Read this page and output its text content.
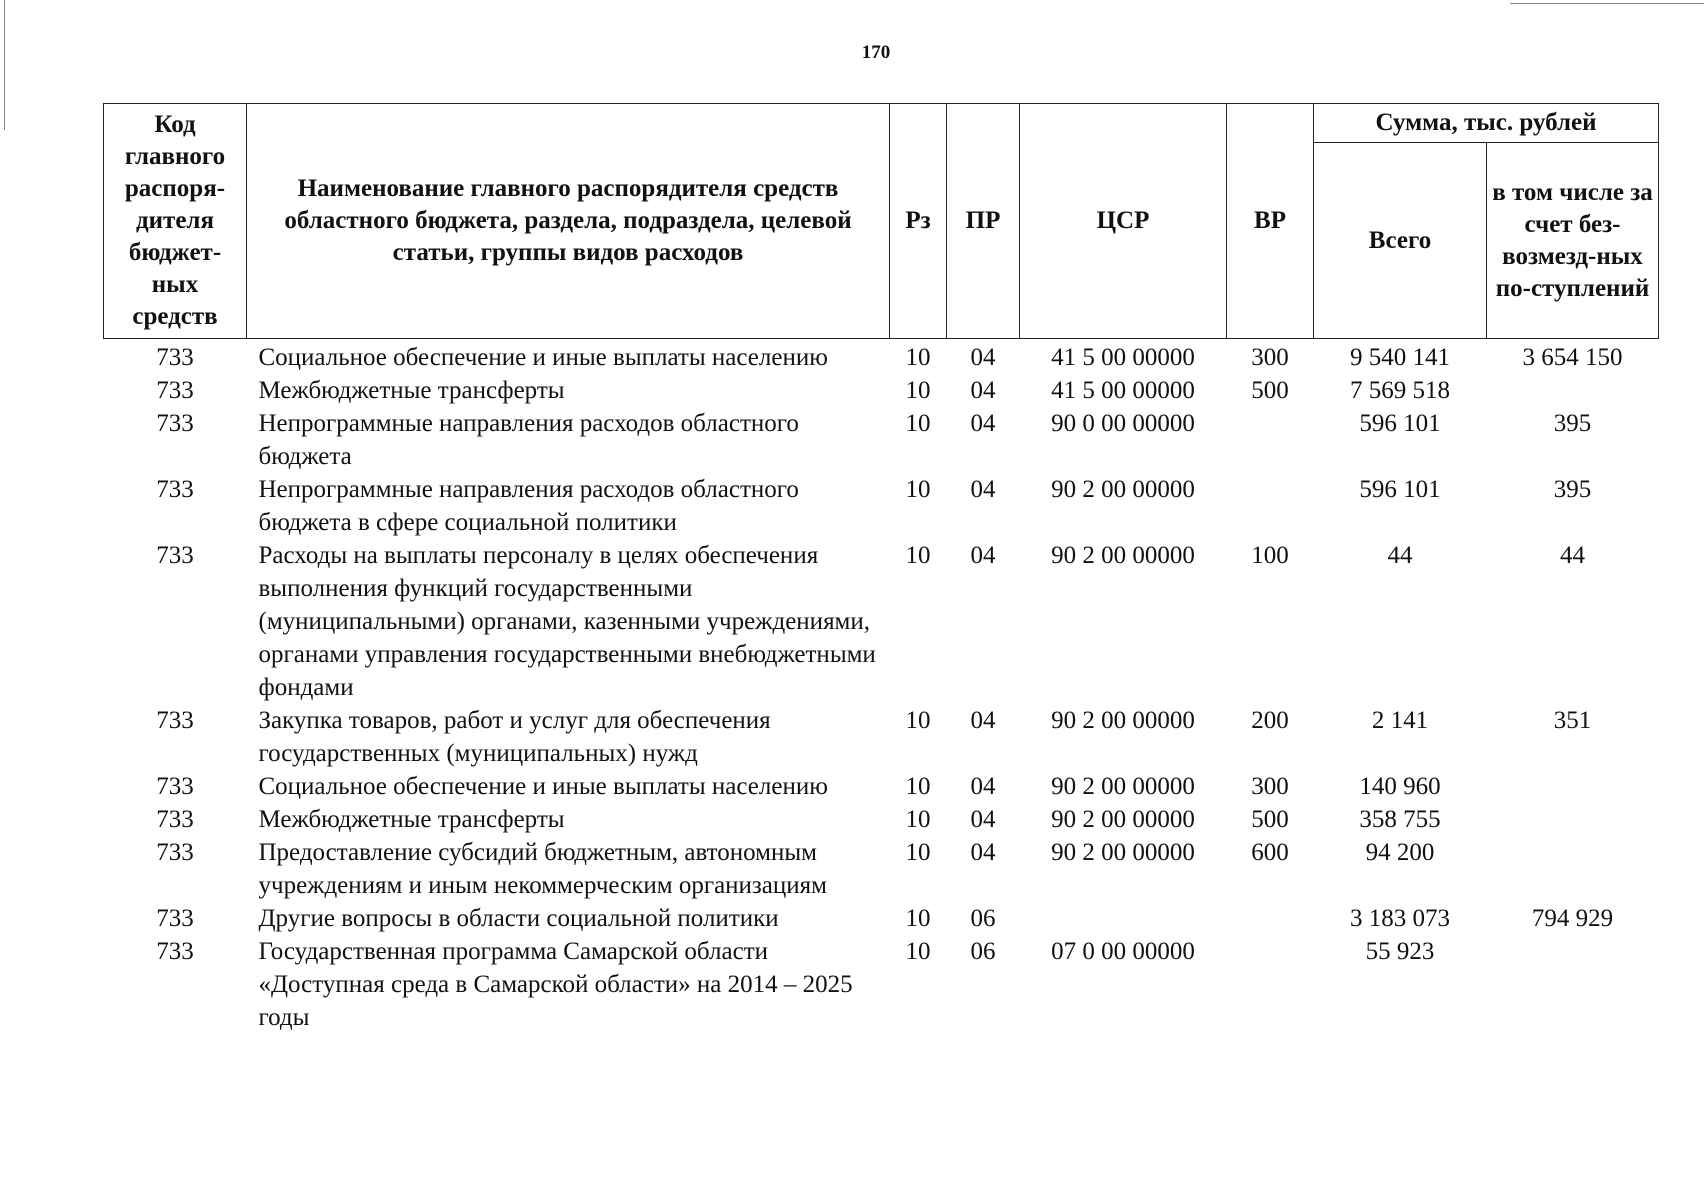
170
Код главного распоря-дителя бюджет-ных средств	Наименование главного распорядителя средств областного бюджета, раздела, подраздела, целевой статьи, группы видов расходов	Рз	ПР	ЦСР	ВР	Сумма, тыс. рублей	
						Всего	в том числе за счет без-возмезд-ных по-ступлений
733	Социальное обеспечение и иные выплаты населению	10	04	41 5 00 00000	300	9 540 141	3 654 150
733	Межбюджетные трансферты	10	04	41 5 00 00000	500	7 569 518	
733	Непрограммные направления расходов областного бюджета	10	04	90 0 00 00000		596 101	395
733	Непрограммные направления расходов областного бюджета в сфере социальной политики	10	04	90 2 00 00000		596 101	395
733	Расходы на выплаты персоналу в целях обеспечения выполнения функций государственными (муниципальными) органами, казенными учреждениями, органами управления государственными внебюджетными фондами	10	04	90 2 00 00000	100	44	44
733	Закупка товаров, работ и услуг для обеспечения государственных (муниципальных) нужд	10	04	90 2 00 00000	200	2 141	351
733	Социальное обеспечение и иные выплаты населению	10	04	90 2 00 00000	300	140 960	
733	Межбюджетные трансферты	10	04	90 2 00 00000	500	358 755	
733	Предоставление субсидий бюджетным, автономным учреждениям и иным некоммерческим организациям	10	04	90 2 00 00000	600	94 200	
733	Другие вопросы в области социальной политики	10	06			3 183 073	794 929
733	Государственная программа Самарской области «Доступная среда в Самарской области» на 2014 – 2025 годы	10	06	07 0 00 00000		55 923	
